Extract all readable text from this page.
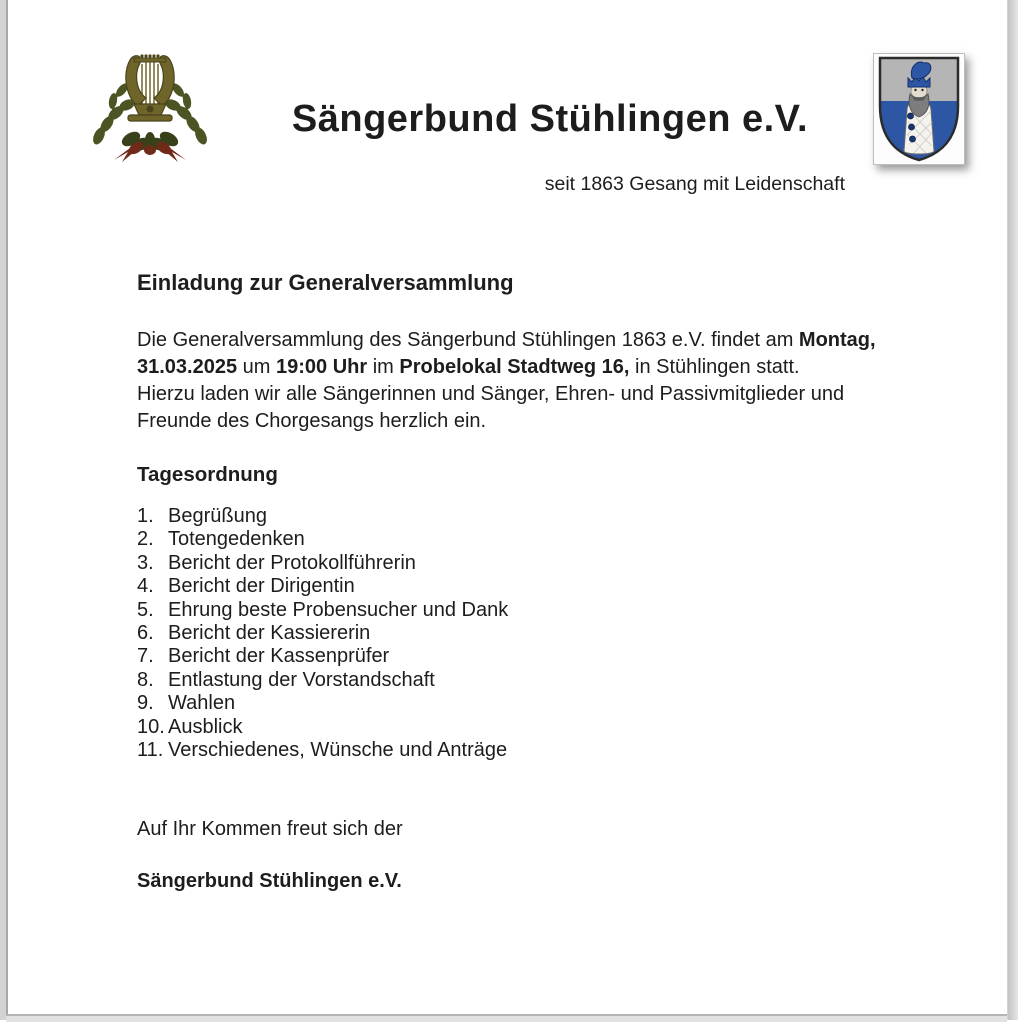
Sängerbund Stühlingen e.V.
seit 1863 Gesang mit Leidenschaft
Einladung zur Generalversammlung
Die Generalversammlung des Sängerbund Stühlingen 1863 e.V. findet am Montag,
31.03.2025 um 19:00 Uhr im Probelokal Stadtweg 16, in Stühlingen statt.
Hierzu laden wir alle Sängerinnen und Sänger, Ehren- und Passivmitglieder und
Freunde des Chorgesangs herzlich ein.
Tagesordnung
1. Begrüßung
2. Totengedenken
3. Bericht der Protokollführerin
4. Bericht der Dirigentin
5. Ehrung beste Probensucher und Dank
6. Bericht der Kassiererin
7. Bericht der Kassenprüfer
8. Entlastung der Vorstandschaft
9. Wahlen
10. Ausblick
11. Verschiedenes, Wünsche und Anträge
Auf Ihr Kommen freut sich der
Sängerbund Stühlingen e.V.
